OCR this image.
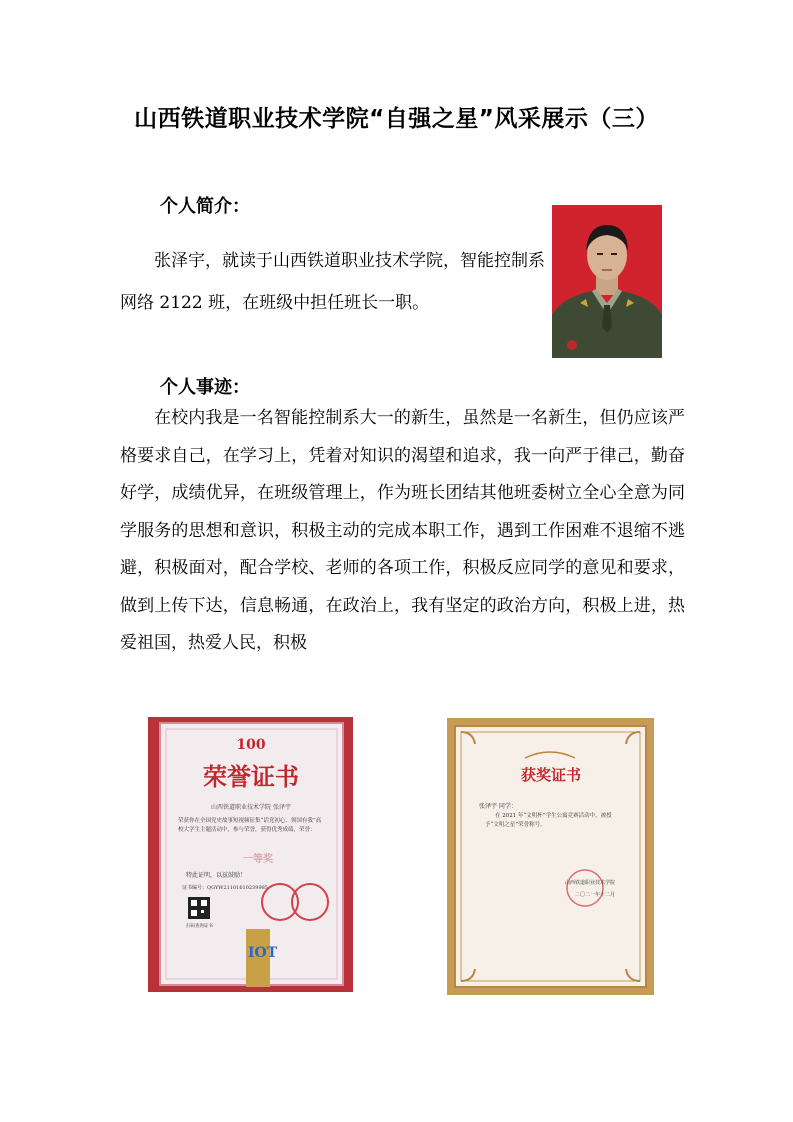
山西铁道职业技术学院“自强之星”风采展示（三）
个人简介：
张泽宇，就读于山西铁道职业技术学院，智能控制系网络 2122 班，在班级中担任班长一职。
个人事迹：
在校内我是一名智能控制系大一的新生，虽然是一名新生，但仍应该严格要求自己，在学习上，凭着对知识的渴望和追求，我一向严于律己，勤奋好学，成绩优异，在班级管理上，作为班长团结其他班委树立全心全意为同学服务的思想和意识，积极主动的完成本职工作，遇到工作困难不退缩不逃避，积极面对，配合学校、老师的各项工作，积极反应同学的意见和要求，做到上传下达，信息畅通，在政治上，我有坚定的政治方向，积极上进，热爱祖国，热爱人民，积极
100
荣誉证书
山西铁道职业技术学院 张泽宇
荣获你在全国党史故事短视频征集“话党初心、领国有我”高校大学生主题活动中，参与荣誉，获得优秀成绩，荣誉：
一等奖
特此证明，以兹鼓励！
证书编号：QGYW21101610239985
扫码查询证书
IOT
获奖证书
张泽宇 同学：
在 2021 年“文明杯”学生公寓竞赛活动中，被授予“文明之星”荣誉称号。
山西铁道职业技术学院
二〇二一年十二月
